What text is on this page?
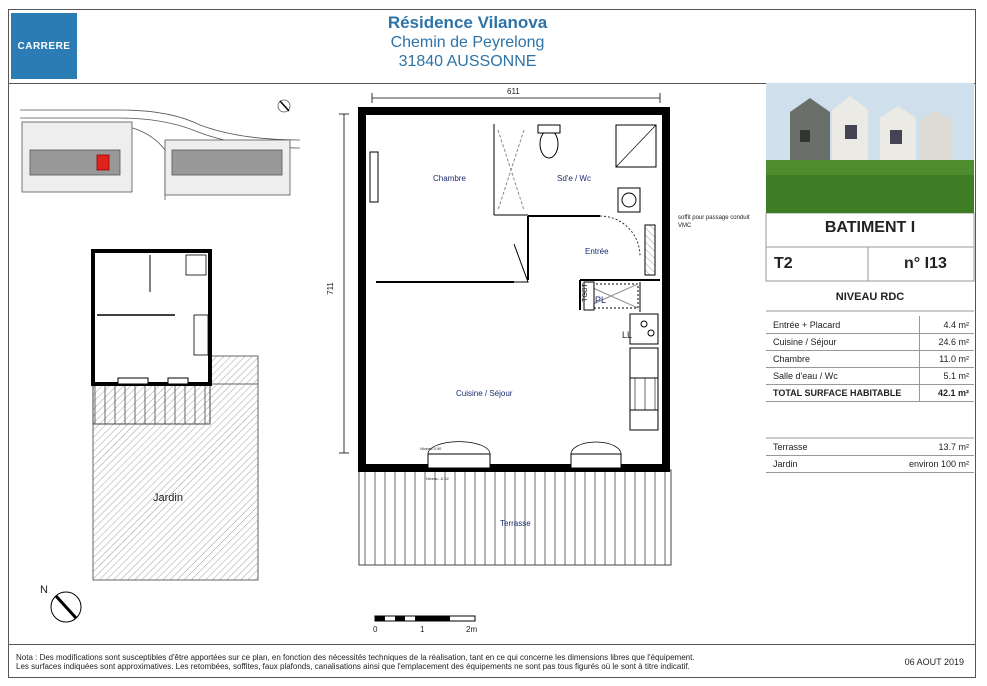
CARRERE
Résidence Vilanova
Chemin de Peyrelong
31840 AUSSONNE
Chambre	Sd'e / Wc
Entrée
Cuisine / Séjour
Terrasse
Jardin
soffit pour passage conduit VMC
TGBT PL
LL
Niveau 0.00
Niveau -0.02
611
711
0	1	2m
N
BATIMENT I
T2	n° I13
NIVEAU RDC
Entrée + Placard	4.4 m²
Cuisine / Séjour	24.6 m²
Chambre	11.0 m²
Salle d'eau / Wc	5.1 m²
TOTAL SURFACE HABITABLE	42.1 m²
Terrasse	13.7 m²
Jardin	environ 100 m²
Nota : Des modifications sont susceptibles d'être apportées sur ce plan, en fonction des nécessités techniques de la réalisation, tant en ce qui concerne les dimensions libres que l'équipement.
Les surfaces indiquées sont approximatives. Les retombées, soffites, faux plafonds, canalisations ainsi que l'emplacement des équipements ne sont pas tous figurés où le sont à titre indicatif.	06 AOUT 2019
